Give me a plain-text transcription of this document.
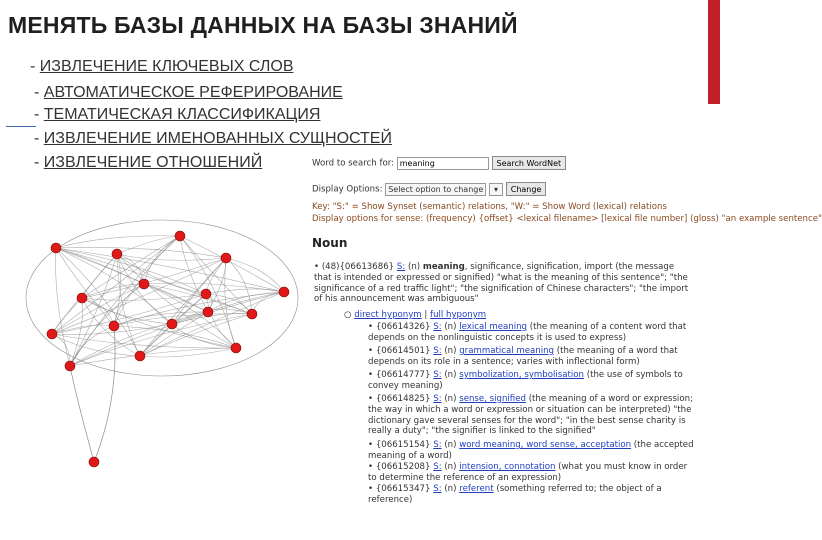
МЕНЯТЬ БАЗЫ ДАННЫХ НА БАЗЫ ЗНАНИЙ
- ИЗВЛЕЧЕНИЕ КЛЮЧЕВЫХ СЛОВ
- АВТОМАТИЧЕСКОЕ РЕФЕРИРОВАНИЕ
- ТЕМАТИЧЕСКАЯ КЛАССИФИКАЦИЯ
- ИЗВЛЕЧЕНИЕ ИМЕНОВАННЫХ СУЩНОСТЕЙ
- ИЗВЛЕЧЕНИЕ ОТНОШЕНИЙ	Word to search for: meaning	Search WordNet
Display Options: Select option to change ▾ Change
Key: "S:" = Show Synset (semantic) relations, "W:" = Show Word (lexical) relations
Display options for sense: (frequency) {offset} <lexical filename> [lexical file number] (gloss) "an example sentence"
Noun
• (48){06613686} S: (n) meaning, significance, signification, import (the message that is intended or expressed or signified) "what is the meaning of this sentence"; "the significance of a red traffic light"; "the signification of Chinese characters"; "the import of his announcement was ambiguous"
○ direct hyponym | full hyponym
• {06614326} S: (n) lexical meaning (the meaning of a content word that depends on the nonlinguistic concepts it is used to express)
• {06614501} S: (n) grammatical meaning (the meaning of a word that depends on its role in a sentence; varies with inflectional form)
• {06614777} S: (n) symbolization, symbolisation (the use of symbols to convey meaning)
• {06614825} S: (n) sense, signified (the meaning of a word or expression; the way in which a word or expression or situation can be interpreted) "the dictionary gave several senses for the word"; "in the best sense charity is really a duty"; "the signifier is linked to the signified"
• {06615154} S: (n) word meaning, word sense, acceptation (the accepted meaning of a word)
• {06615208} S: (n) intension, connotation (what you must know in order to determine the reference of an expression)
• {06615347} S: (n) referent (something referred to; the object of a reference)
